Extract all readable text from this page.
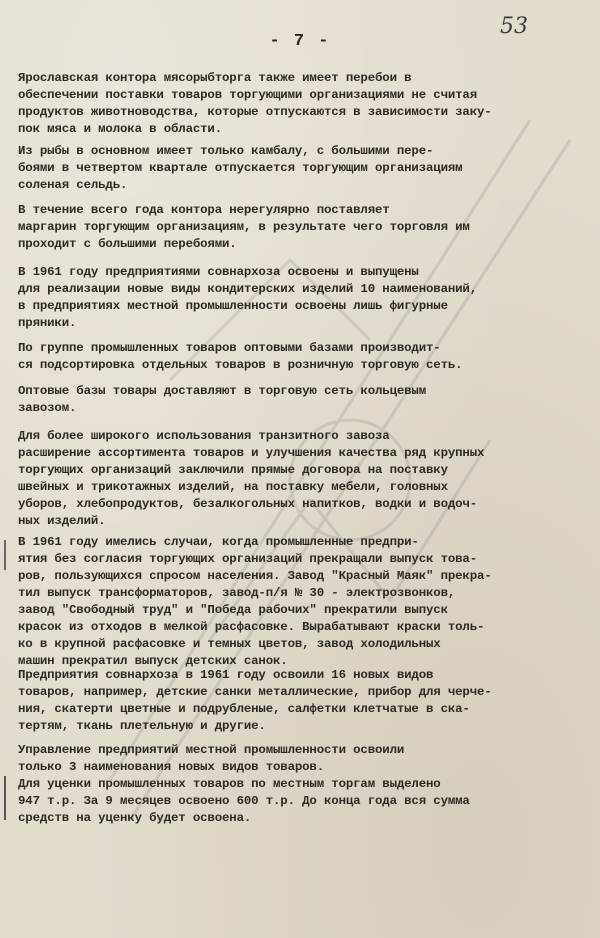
- 7 -
53
Ярославская контора мясорыбторга также имеет перебои в
обеспечении поставки товаров торгующими организациями не считая
продуктов животноводства, которые отпускаются в зависимости заку-
пок мяса и молока в области.
Из рыбы в основном имеет только камбалу, с большими пере-
боями в четвертом квартале отпускается торгующим организациям
соленая сельдь.
В течение всего года контора нерегулярно поставляет
маргарин торгующим организациям, в результате чего торговля им
проходит с большими перебоями.
В 1961 году предприятиями совнархоза освоены и выпущены
для реализации новые виды кондитерских изделий 10 наименований,
в предприятиях местной промышленности освоены лишь фигурные
пряники.
По группе промышленных товаров оптовыми базами производит-
ся подсортировка отдельных товаров в розничную торговую сеть.
Оптовые базы товары доставляют в торговую сеть кольцевым
завозом.
Для более широкого использования транзитного завоза
расширение ассортимента товаров и улучшения качества ряд крупных
торгующих организаций заключили прямые договора на поставку
швейных и трикотажных изделий, на поставку мебели, головных
уборов, хлебопродуктов, безалкогольных напитков, водки и водоч-
ных изделий.
В 1961 году имелись случаи, когда промышленные предпри-
ятия без согласия торгующих организаций прекращали выпуск това-
ров, пользующихся спросом населения. Завод "Красный Маяк" прекра-
тил выпуск трансформаторов, завод-п/я № 30 - электрозвонков,
завод "Свободный труд" и "Победа рабочих" прекратили выпуск
красок из отходов в мелкой расфасовке. Вырабатывают краски толь-
ко в крупной расфасовке и темных цветов, завод холодильных
машин прекратил выпуск детских санок.
Предприятия совнархоза в 1961 году освоили 16 новых видов
товаров, например, детские санки металлические, прибор для черче-
ния, скатерти цветные и подрубленые, салфетки клетчатые в ска-
тертям, ткань плетельную и другие.
Управление предприятий местной промышленности освоили
только 3 наименования новых видов товаров.
Для уценки промышленных товаров по местным торгам выделено
947 т.р. За 9 месяцев освоено 600 т.р. До конца года вся сумма
средств на уценку будет освоена.
